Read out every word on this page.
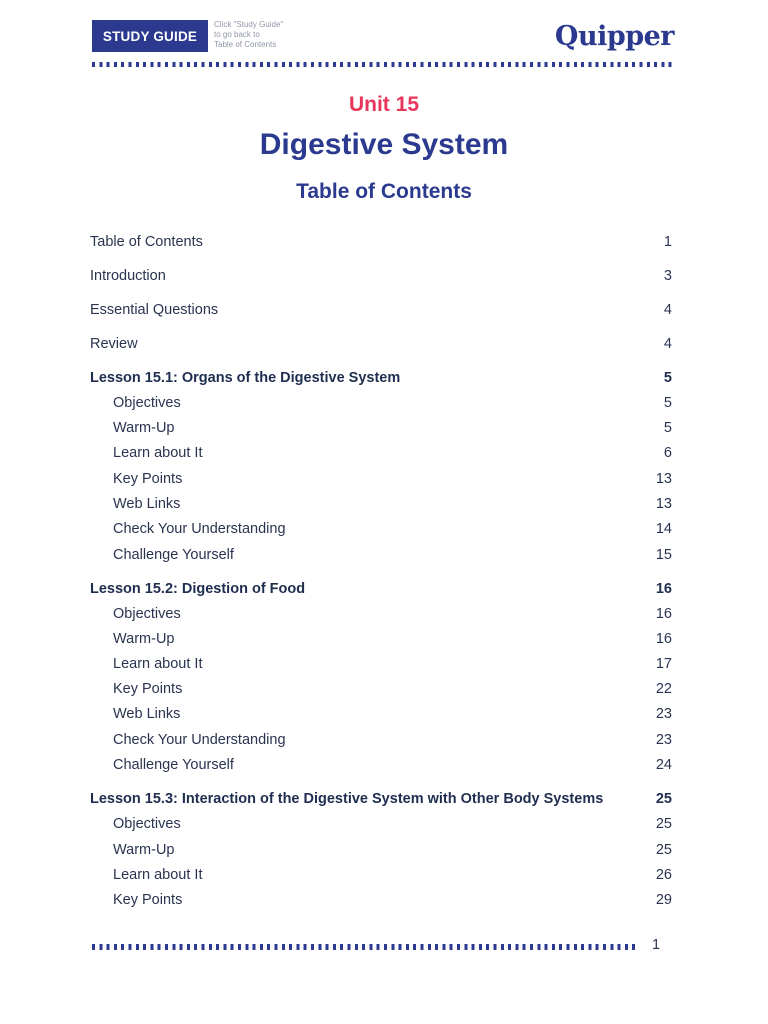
STUDY GUIDE
Click "Study Guide"
to go back to
Table of Contents	Quipper
Unit 15
Digestive System
Table of Contents
Table of Contents	1
Introduction	3
Essential Questions	4
Review	4
Lesson 15.1: Organs of the Digestive System	5
Objectives	5
Warm-Up	5
Learn about It	6
Key Points	13
Web Links	13
Check Your Understanding	14
Challenge Yourself	15
Lesson 15.2: Digestion of Food	16
Objectives	16
Warm-Up	16
Learn about It	17
Key Points	22
Web Links	23
Check Your Understanding	23
Challenge Yourself	24
Lesson 15.3: Interaction of the Digestive System with Other Body Systems	25
Objectives	25
Warm-Up	25
Learn about It	26
Key Points	29
1
